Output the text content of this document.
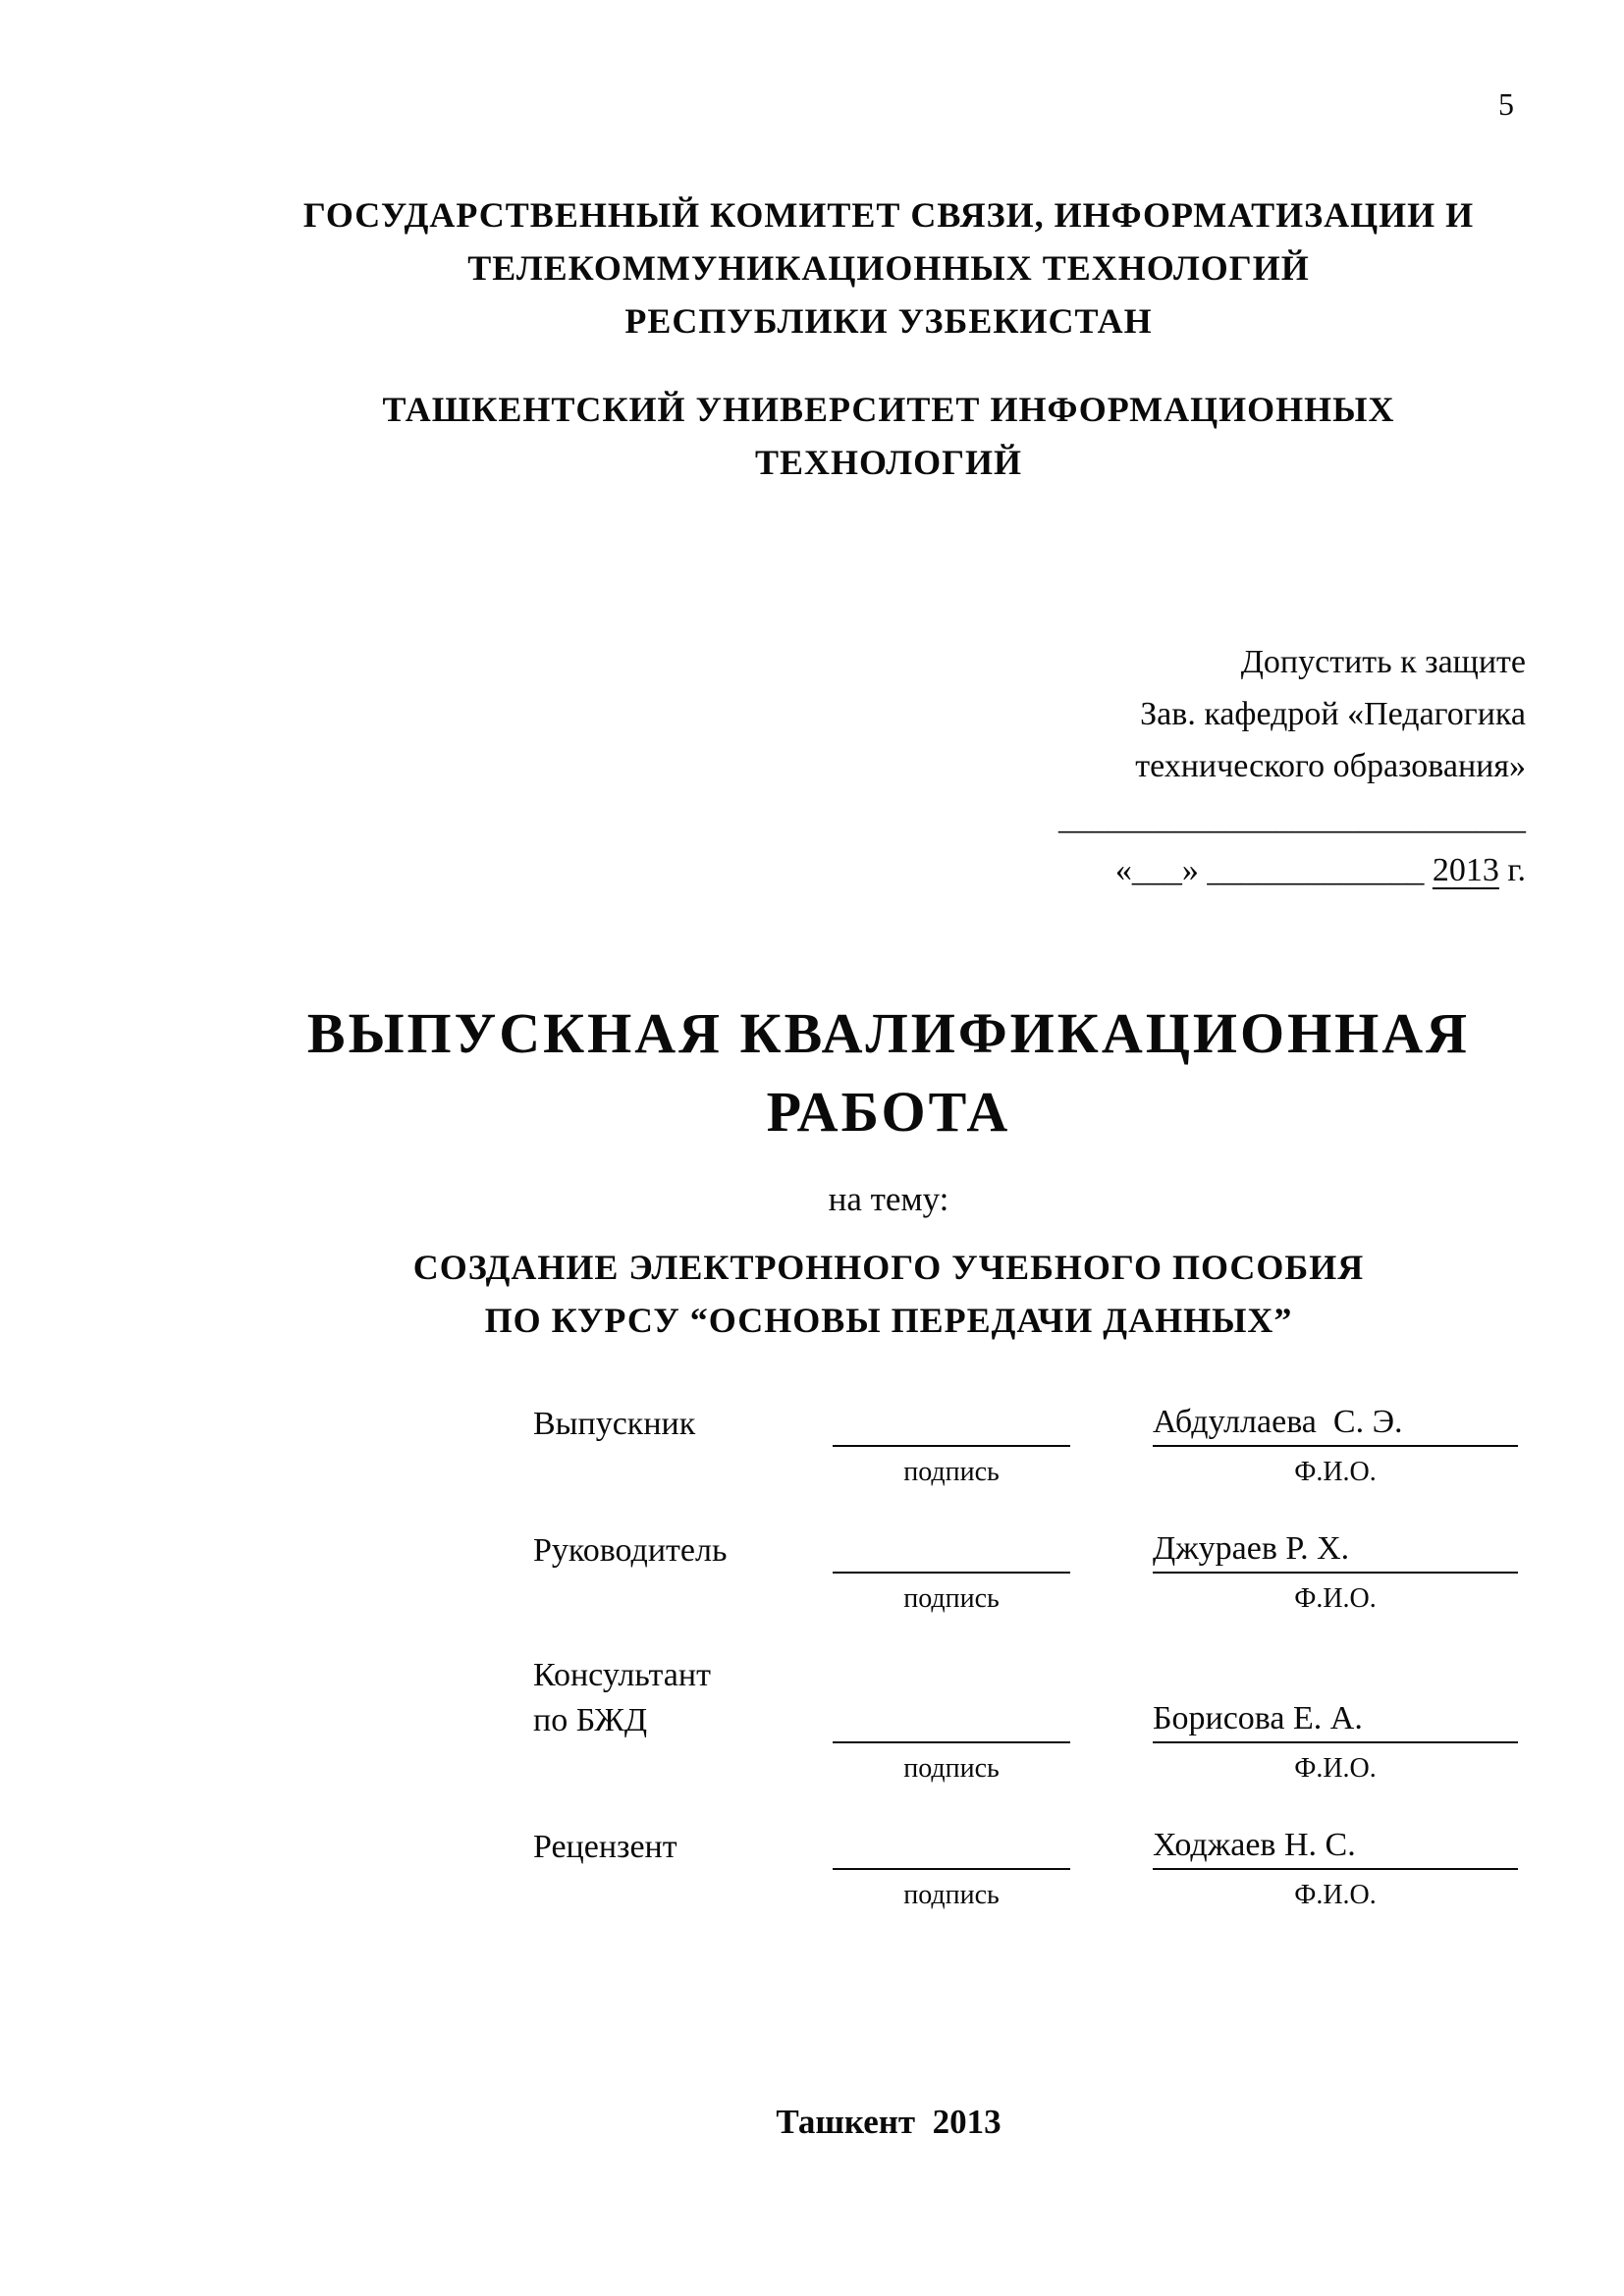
5
ГОСУДАРСТВЕННЫЙ КОМИТЕТ СВЯЗИ, ИНФОРМАТИЗАЦИИ И
ТЕЛЕКОММУНИКАЦИОННЫХ ТЕХНОЛОГИЙ
РЕСПУБЛИКИ УЗБЕКИСТАН
ТАШКЕНТСКИЙ УНИВЕРСИТЕТ ИНФОРМАЦИОННЫХ
ТЕХНОЛОГИЙ
Допустить к защите
Зав. кафедрой «Педагогика
технического образования»
____________________________
«___» _____________ 2013 г.
ВЫПУСКНАЯ КВАЛИФИКАЦИОННАЯ
РАБОТА
на тему:
СОЗДАНИЕ ЭЛЕКТРОННОГО УЧЕБНОГО ПОСОБИЯ
ПО КУРСУ “ОСНОВЫ ПЕРЕДАЧИ ДАННЫХ”
Выпускник	Абдуллаева  С. Э.
подпись	Ф.И.О.
Руководитель	Джураев Р. Х.
подпись	Ф.И.О.
Консультант
по БЖД	Борисова Е. А.
подпись	Ф.И.О.
Рецензент	Ходжаев Н. С.
подпись	Ф.И.О.
Ташкент  2013
